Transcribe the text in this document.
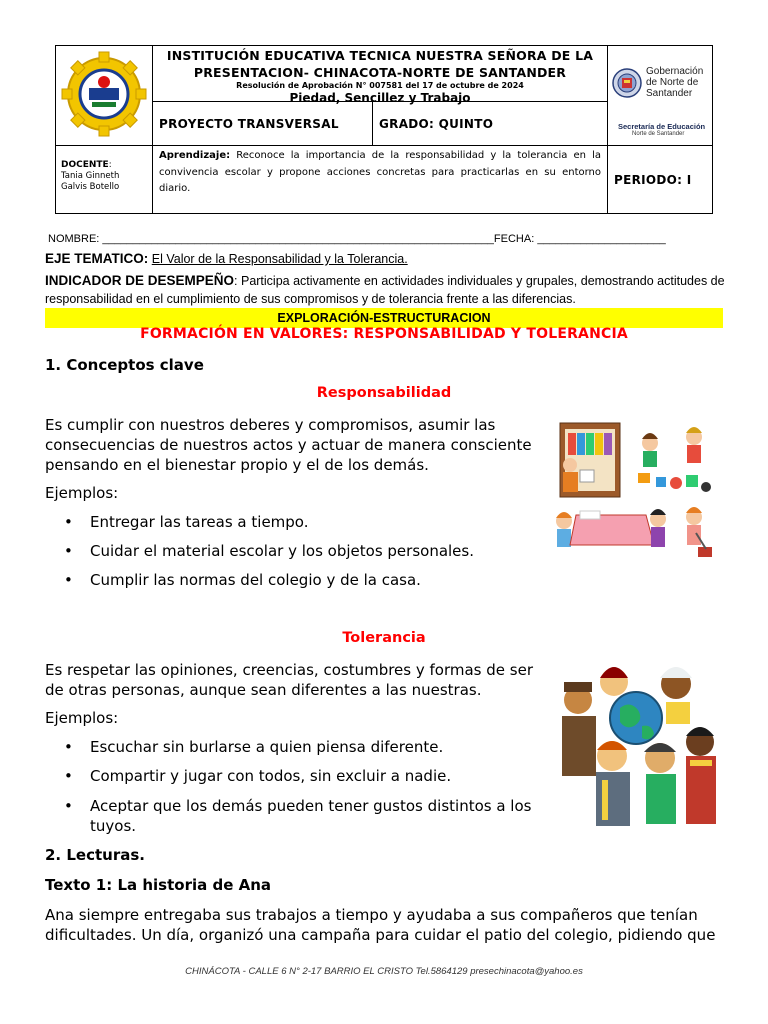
INSTITUCIÓN EDUCATIVA TECNICA NUESTRA SEÑORA DE LA
PRESENTACION- CHINACOTA-NORTE DE SANTANDER
Resolución de Aprobación N° 007581 del 17 de octubre de 2024
Piedad, Sencillez y Trabajo
PROYECTO TRANSVERSAL	GRADO: QUINTO
Gobernación
de Norte de
Santander
Secretaría de Educación
Norte de Santander
DOCENTE:
Tania Ginneth
Galvis Botello
Aprendizaje: Reconoce la importancia de la responsabilidad y la tolerancia en la convivencia escolar y propone acciones concretas para practicarlas en su entorno diario.
PERIODO: I
NOMBRE: ________________________________________________________________FECHA: _____________________
EJE TEMATICO: El Valor de la Responsabilidad y la Tolerancia.
INDICADOR DE DESEMPEÑO: Participa activamente en actividades individuales y grupales, demostrando actitudes de responsabilidad en el cumplimiento de sus compromisos y de tolerancia frente a las diferencias.
EXPLORACIÓN-ESTRUCTURACION
FORMACIÓN EN VALORES: RESPONSABILIDAD Y TOLERANCIA
1. Conceptos clave
Responsabilidad
Es cumplir con nuestros deberes y compromisos, asumir las
consecuencias de nuestros actos y actuar de manera consciente
pensando en el bienestar propio y el de los demás.
Ejemplos:
• Entregar las tareas a tiempo.
• Cuidar el material escolar y los objetos personales.
• Cumplir las normas del colegio y de la casa.
Tolerancia
Es respetar las opiniones, creencias, costumbres y formas de ser
de otras personas, aunque sean diferentes a las nuestras.
Ejemplos:
• Escuchar sin burlarse a quien piensa diferente.
• Compartir y jugar con todos, sin excluir a nadie.
• Aceptar que los demás pueden tener gustos distintos a los
tuyos.
2. Lecturas.
Texto 1: La historia de Ana
Ana siempre entregaba sus trabajos a tiempo y ayudaba a sus compañeros que tenían
dificultades. Un día, organizó una campaña para cuidar el patio del colegio, pidiendo que
CHINÁCOTA - CALLE 6 N° 2-17 BARRIO EL CRISTO Tel.5864129 presechinacota@yahoo.es
